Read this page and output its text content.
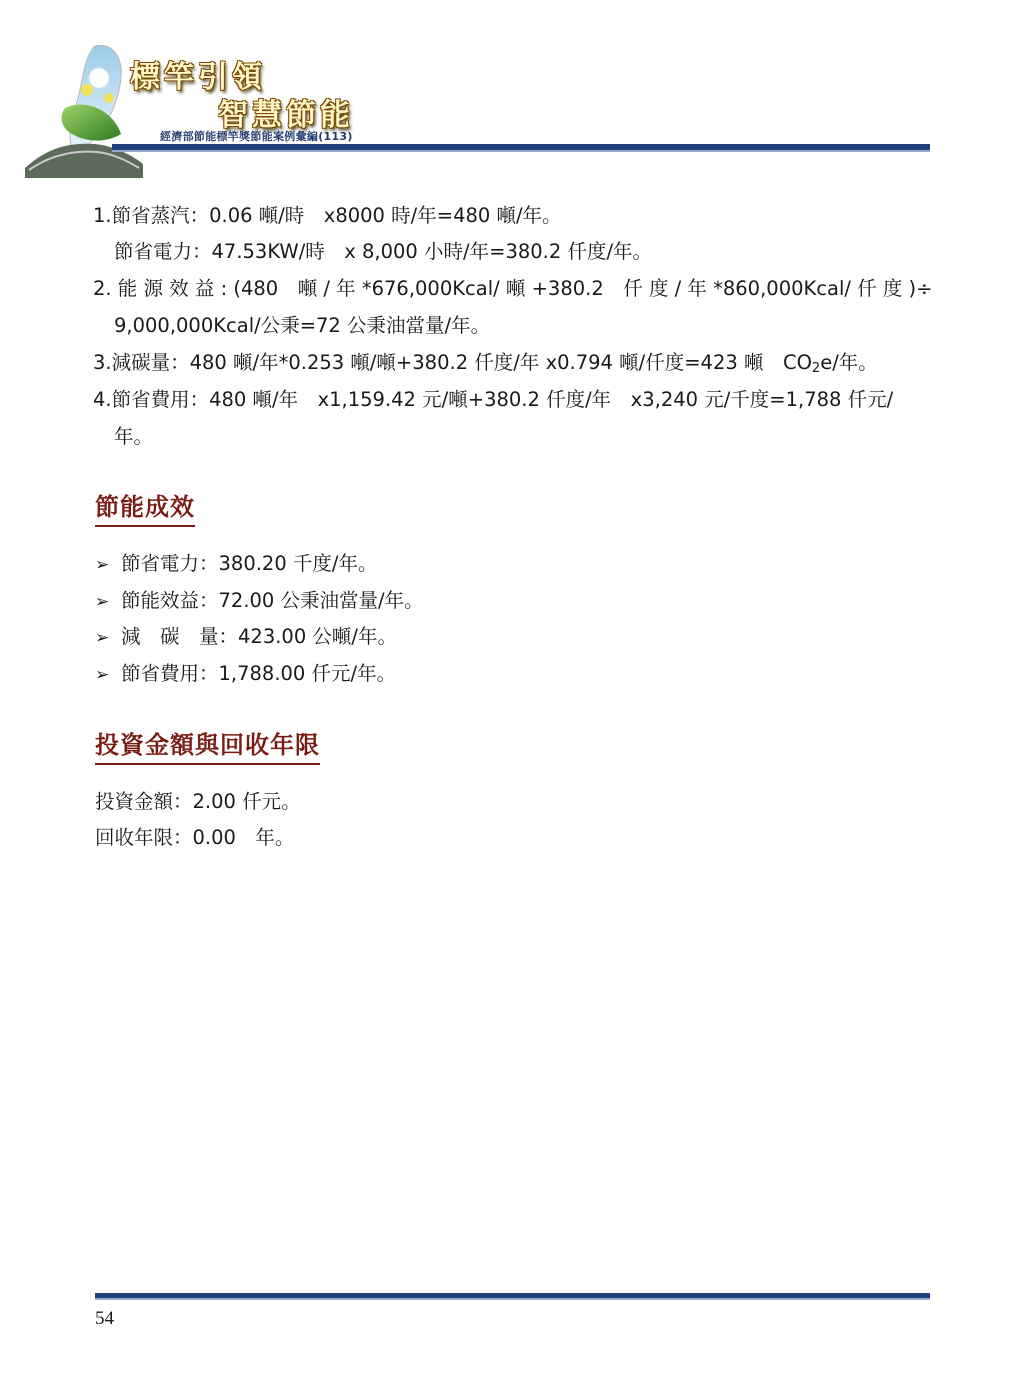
標竿引領
智慧節能
經濟部節能標竿獎節能案例彙編(113)
1.節省蒸汽：0.06 噸/時　x8000 時/年=480 噸/年。
節省電力：47.53KW/時　x 8,000 小時/年=380.2 仟度/年。
2. 能 源 效 益 : (480　噸 / 年 *676,000Kcal/ 噸 +380.2　仟 度 / 年 *860,000Kcal/ 仟 度 )÷
9,000,000Kcal/公秉=72 公秉油當量/年。
3.減碳量：480 噸/年*0.253 噸/噸+380.2 仟度/年 x0.794 噸/仟度=423 噸　$CO_2e/$年。
4.節省費用：480 噸/年　x1,159.42 元/噸+380.2 仟度/年　x3,240 元/千度=1,788 仟元/
年。
節能成效
➢ 節省電力：380.20 千度/年。
➢ 節能效益：72.00 公秉油當量/年。
➢ 減　碳　量：423.00 公噸/年。
➢ 節省費用：1,788.00 仟元/年。
投資金額與回收年限
投資金額：2.00 仟元。
回收年限：0.00　年。
54
